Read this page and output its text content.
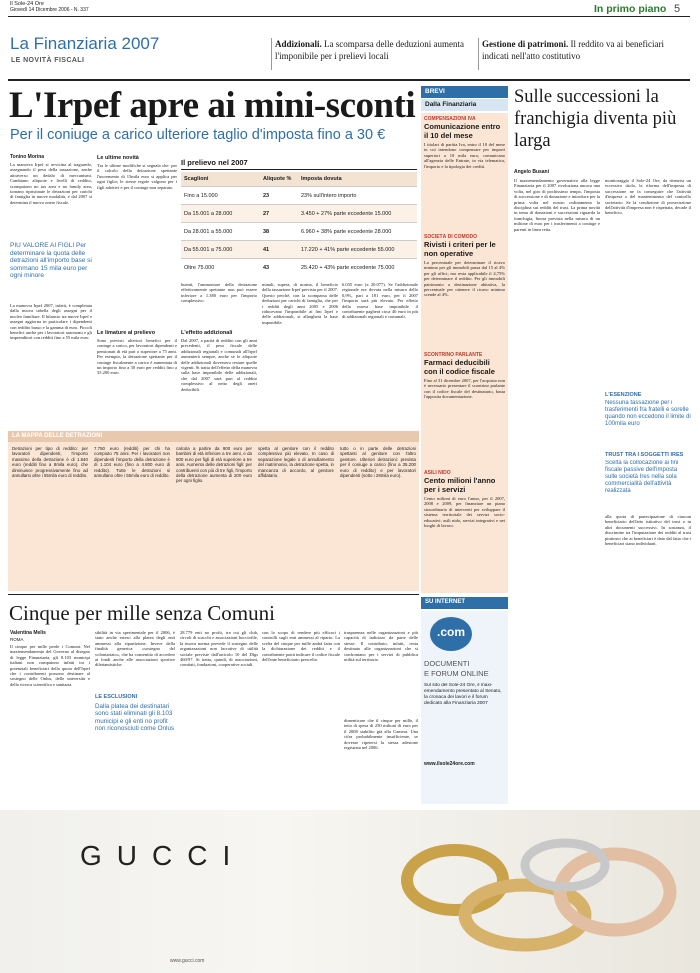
Il Sole-24 Ore
Giovedì 14 Dicembre 2006 - N. 337	In primo piano 5
La Finanziaria 2007
LE NOVITÀ FISCALI
Addizionali. La scomparsa delle deduzioni aumenta l'imponibile per i prelievi locali
Gestione di patrimoni. Il reddito va ai beneficiari indicati nell'atto costitutivo
L'Irpef apre ai mini-sconti
Per il coniuge a carico ulteriore taglio d'imposta fino a 30 €
Tonino Morina
La manovra Irpef si avvicina al traguardo, assegnando il peso della tassazione, anche attraverso un dedalo di meccanismi. Cambiano aliquote e livelli di reddito, scompaiono no tax area e no family area, tornano ripristinate le detrazioni per carichi di famiglia in nuove modalità, e dal 2007 si determina il nuovo onere fiscale.
PIÙ VALORE AI FIGLI Per determinare la quota delle detrazioni all'importo base si sommano 15 mila euro per ogni minore
La manovra Irpef 2007, infatti, è completata dalla nuova tabella degli assegni per il nucleo familiare. Il bilancio tra nuove Irpef e assegni aggiorna in particolare i dipendenti con reddito basso e la gamma di euro. Piccoli benefici anche per i lavoratori autonomi e gli imprenditori con redditi fino a 55 mila euro.
Le ultime novità
Tra le ultime modifiche si segnala che: per il calcolo della detrazione spettante l'incremento di 15mila euro si applica per ogni figlio; le stesse regole valgono per i figli adottivi e per il coniuge non separato.
Le limature al prelievo
Sono previsti ulteriori benefici per il coniuge a carico, per lavoratori dipendenti e pensionati di età pari o superiore a 75 anni. Per esempio, la detrazione spettante per il coniuge fiscalmente a carico è aumentata di un importo fino a 30 euro per redditi fino a 35.200 euro.
Il prelievo nel 2007
Scaglioni	Aliquote %	Imposta dovuta
Fino a 15.000	23	23% sull'intero importo
Da 15.001 a 28.000	27	3.450 + 27% parte eccedente 15.000
Da 28.001 a 55.000	38	6.960 + 38% parte eccedente 28.000
Da 55.001 a 75.000	41	17.220 + 41% parte eccedente 55.000
Oltre 75.000	43	25.420 + 43% parte eccedente 75.000
buenti, l'ammontare della detrazione effettivamente spettante non può essere inferiore a 1.380 euro per l'importo complessivo.
L'effetto addizionali
Dal 2007, a parità di reddito con gli anni precedenti, il peso fiscale delle addizionali regionali e comunali all'Irpef aumenterà sempre, anche se le aliquote delle addizionali dovessero restare quelle vigenti. Si tratta dell'effetto della manovra sulla base imponibile delle addizionali, che dal 2007 sarà pari al reddito complessivo al netto degli oneri deducibili.
minali, supera, di norma, il beneficio della tassazione Irpef prevista per il 2007. Questo perché, con la scomparsa delle deduzioni per carichi di famiglia, che per i redditi degli anni 2005 e 2006 riducevano l'imponibile ai fini Irpef e delle addizionali, si allargherà la base imponibile.
6.035 euro (a 20.077). Se l'addizionale regionale era dovuta nella misura dello 0,9%, pari a 181 euro, per il 2007 l'importo sarà più elevato. Per effetto della nuova base imponibile il contribuente pagherà circa 40 euro in più di addizionali regionali e comunali.
LA MAPPA DELLE DETRAZIONI
Detrazioni per tipo di reddito: per lavoratori dipendenti, l'importo massimo della detrazione è di 1.840 euro (redditi fino a 8mila euro), che diminuisce progressivamente fino ad annullarsi oltre i 55mila euro di reddito.
7.750 euro (redditi) per chi ha compiuto 75 anni. Per i lavoratori non dipendenti l'importo della detrazione è di 1.104 euro (fino a 4.800 euro di reddito). Tutte le detrazioni si annullano oltre i 55mila euro di reddito.
calcola a partire da 900 euro per bambini di età inferiore a tre anni, e da 800 euro per figli di età superiore a tre anni. Aumento delle detrazioni figli: per contribuenti con più di tre figli, l'importo della detrazione aumenta di 200 euro per ogni figlio.
spetta al genitore con il reddito complessivo più elevato. In caso di separazione legale o di annullamento del matrimonio, la detrazione spetta, in mancanza di accordo, al genitore affidatario.
tutto o in parte delle detrazioni spettanti al genitore con l'altro genitore. Ulteriori detrazioni: prevista per il coniuge a carico (fino a 35.200 euro di reddito) e per lavoratori dipendenti (sotto i 28mila euro).
Cinque per mille senza Comuni
Valentina Melis
ROMA
Il cinque per mille perde i Comuni. Nel maxiemendamento del Governo al disegno di legge Finanziaria, gli 8.103 municipi italiani non compaiono infatti tra i potenziali beneficiari della quota dell'Irpef che i contribuenti possono destinare al sostegno delle Onlus, delle università e della ricerca scientifica e sanitaria.
sibilità in via sperimentale per il 2006, è stato anche esteso alla platea degli enti ammessi alla ripartizione. Invece della finalità generica «sostegno del volontariato», che ha consentito di accedere ai fondi anche alle associazioni sportive dilettantistiche.
LE ESCLUSIONI
Dalla platea dei destinatari sono stati eliminati gli 8.103 municipi e gli enti no profit non riconosciuti come Onlus
28.779 enti no profit, tra cui gli club, circoli di scacchi e associazioni bocciofile, la nuova norma prevede il sostegno delle organizzazioni non lucrative di utilità sociale previste dall'articolo 10 del Dlgs 460/97. Si tratta, quindi, di associazioni, comitati, fondazioni, cooperative sociali.
con lo scopo di rendere più efficaci i controlli sugli enti ammessi al riparto. La scelta del cinque per mille andrà fatta con la dichiarazione dei redditi e il contribuente potrà indicare il codice fiscale dell'ente beneficiario prescelto.
trasparenza nelle organizzazioni e più capacità di indirizzo da parte delle stesse. Il contributo, infatti, resta destinato alle organizzazioni che si confrontano per i servizi di pubblica utilità sul territorio.
dimenticare che il cinque per mille, il tetto di spesa di 250 milioni di euro per il 2008 stabilito già alla Camera. Una cifra probabilmente insufficiente, se dovesse ripetersi la stessa adesione registrata nel 2006.
BREVI
Dalla Finanziaria
COMPENSAZIONI IVA
Comunicazione entro il 10 del mese
I titolari di partita Iva, entro il 10 del mese in cui intendono compensare per importi superiori a 10 mila euro, comunicano all'agenzia delle Entrate, in via telematica, l'importo e la tipologia dei crediti.
SOCIETÀ DI COMODO
Rivisti i criteri per le non operative
La percentuale per determinare il ricavo minimo per gli immobili passa dal 15 al 4% per gli uffici; ma resta applicabile il 4,75% per determinare il reddito. Per gli immobili patrimonio a destinazione abitativa, la percentuale per ottenere il ricavo minimo scende al 4%.
SCONTRINO PARLANTE
Farmaci deducibili con il codice fiscale
Fino al 31 dicembre 2007, per l'acquisto non è necessario presentare il scontrino parlante con il codice fiscale del destinatario, basta l'apposita documentazione.
ASILI NIDO
Cento milioni l'anno per i servizi
Cento milioni di euro l'anno, per il 2007, 2008 e 2009, per finanziare un piano straordinario di interventi per sviluppare il sistema territoriale dei servizi socio-educativi: asili nido, servizi integrativi e nei luoghi di lavoro.
SU INTERNET
.com
DOCUMENTI
E FORUM ONLINE
Sul sito del Sole-24 Ore, il maxi-emendamento presentato al Senato, la cronaca dei lavori e il forum dedicato alla Finanziaria 2007
www.ilsole24ore.com
Sulle successioni la franchigia diventa più larga
Angelo Busani
Il maxiemendamento governativo alla legge Finanziaria per il 2007 rivoluziona ancora una volta, nel giro di pochissimo tempo, l'imposta di successione e di donazione e introduce per la prima volta nel nostro ordinamento la disciplina sui redditi del trust. La prima novità in tema di donazioni e successioni riguarda la franchigia, finora prevista nella misura di un milione di euro per i trasferimenti a coniuge e parenti in linea retta.
monitoraggio il Sole-24 Ore, da ritenersi un eccessivo titolo, la riforma dell'imposta di successione ne fa conseguire che l'attività d'impresa o del mantenimento del controllo societario. Se la condizione di prosecuzione dell'attività d'impresa non è rispettata, decade il beneficio.
L'ESENZIONE
Nessuna tassazione per i trasferimenti fra fratelli e sorelle quando non eccedono il limite di 100mila euro
TRUST TRA I SOGGETTI IRES
Scelta la collocazione ai fini fiscale passive dell'imposta sulle società Ires nella sola commercialità dell'attività realizzata
alla quota di partecipazione di ciascun beneficiario dell'atto istitutivo del trust o in altri documenti successivi. In sostanza, il discrimine tra l'imputazione dei redditi al trust piuttosto che ai beneficiari è dato dal fatto che i beneficiari siano individuati.
GUCCI
www.gucci.com
